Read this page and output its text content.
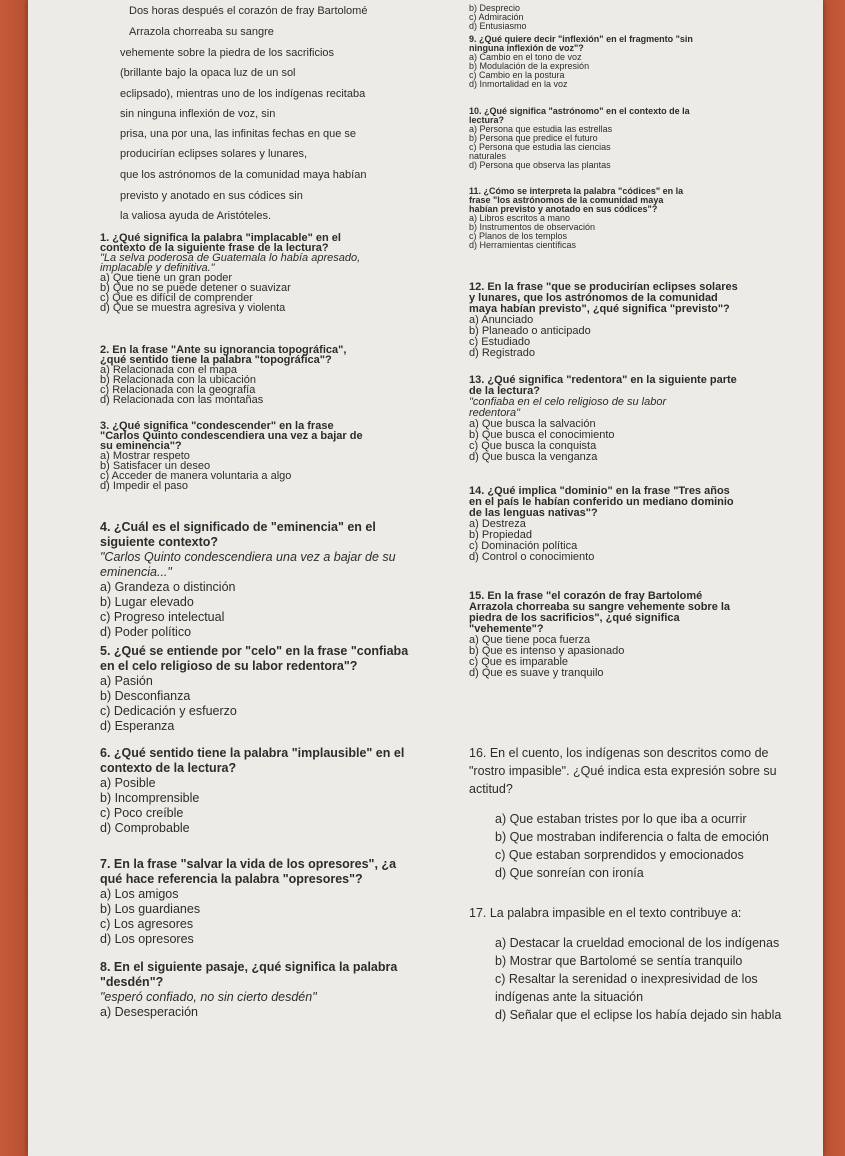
Dos horas después el corazón de fray Bartolomé
Arrazola chorreaba su sangre
vehemente sobre la piedra de los sacrificios
(brillante bajo la opaca luz de un sol
eclipsado), mientras uno de los indígenas recitaba
sin ninguna inflexión de voz, sin
prisa, una por una, las infinitas fechas en que se
producirían eclipses solares y lunares,
que los astrónomos de la comunidad maya habían
previsto y anotado en sus códices sin
la valiosa ayuda de Aristóteles.
1. ¿Qué significa la palabra "implacable" en el
contexto de la siguiente frase de la lectura?
"La selva poderosa de Guatemala lo había apresado,
implacable y definitiva."
a) Que tiene un gran poder
b) Que no se puede detener o suavizar
c) Que es difícil de comprender
d) Que se muestra agresiva y violenta
2. En la frase "Ante su ignorancia topográfica",
¿qué sentido tiene la palabra "topográfica"?
a) Relacionada con el mapa
b) Relacionada con la ubicación
c) Relacionada con la geografía
d) Relacionada con las montañas
3. ¿Qué significa "condescender" en la frase
"Carlos Quinto condescendiera una vez a bajar de
su eminencia"?
a) Mostrar respeto
b) Satisfacer un deseo
c) Acceder de manera voluntaria a algo
d) Impedir el paso
4. ¿Cuál es el significado de "eminencia" en el
siguiente contexto?
"Carlos Quinto condescendiera una vez a bajar de su
eminencia..."
a) Grandeza o distinción
b) Lugar elevado
c) Progreso intelectual
d) Poder político
5. ¿Qué se entiende por "celo" en la frase "confiaba
en el celo religioso de su labor redentora"?
a) Pasión
b) Desconfianza
c) Dedicación y esfuerzo
d) Esperanza
6. ¿Qué sentido tiene la palabra "implausible" en el
contexto de la lectura?
a) Posible
b) Incomprensible
c) Poco creíble
d) Comprobable
7. En la frase "salvar la vida de los opresores", ¿a
qué hace referencia la palabra "opresores"?
a) Los amigos
b) Los guardianes
c) Los agresores
d) Los opresores
8. En el siguiente pasaje, ¿qué significa la palabra
"desdén"?
"esperó confiado, no sin cierto desdén"
a) Desesperación
b) Desprecio
c) Admiración
d) Entusiasmo
9. ¿Qué quiere decir "inflexión" en el fragmento "sin
ninguna inflexión de voz"?
a) Cambio en el tono de voz
b) Modulación de la expresión
c) Cambio en la postura
d) Inmortalidad en la voz
10. ¿Qué significa "astrónomo" en el contexto de la
lectura?
a) Persona que estudia las estrellas
b) Persona que predice el futuro
c) Persona que estudia las ciencias
naturales
d) Persona que observa las plantas
11. ¿Cómo se interpreta la palabra "códices" en la
frase "los astrónomos de la comunidad maya
habían previsto y anotado en sus códices"?
a) Libros escritos a mano
b) Instrumentos de observación
c) Planos de los templos
d) Herramientas científicas
12. En la frase "que se producirían eclipses solares
y lunares, que los astrónomos de la comunidad
maya habían previsto", ¿qué significa "previsto"?
a) Anunciado
b) Planeado o anticipado
c) Estudiado
d) Registrado
13. ¿Qué significa "redentora" en la siguiente parte
de la lectura?
"confiaba en el celo religioso de su labor
redentora"
a) Que busca la salvación
b) Que busca el conocimiento
c) Que busca la conquista
d) Que busca la venganza
14. ¿Qué implica "dominio" en la frase "Tres años
en el país le habían conferido un mediano dominio
de las lenguas nativas"?
a) Destreza
b) Propiedad
c) Dominación política
d) Control o conocimiento
15. En la frase "el corazón de fray Bartolomé
Arrazola chorreaba su sangre vehemente sobre la
piedra de los sacrificios", ¿qué significa
"vehemente"?
a) Que tiene poca fuerza
b) Que es intenso y apasionado
c) Que es imparable
d) Que es suave y tranquilo
16. En el cuento, los indígenas son descritos como de
"rostro impasible". ¿Qué indica esta expresión sobre su
actitud?
a) Que estaban tristes por lo que iba a ocurrir
b) Que mostraban indiferencia o falta de emoción
c) Que estaban sorprendidos y emocionados
d) Que sonreían con ironía
17. La palabra impasible en el texto contribuye a:
a) Destacar la crueldad emocional de los indígenas
b) Mostrar que Bartolomé se sentía tranquilo
c) Resaltar la serenidad o inexpresividad de los
indígenas ante la situación
d) Señalar que el eclipse los había dejado sin habla
